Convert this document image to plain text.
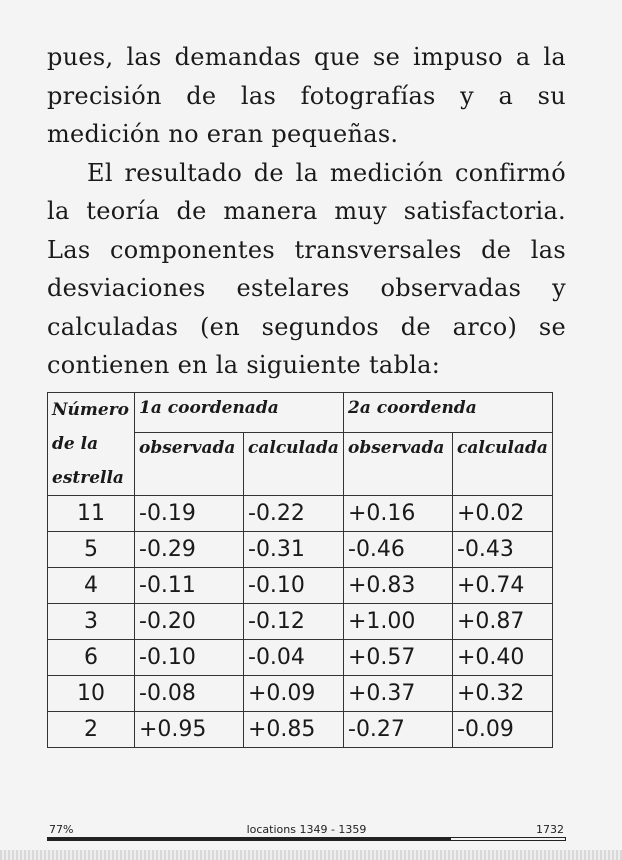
pues, las demandas que se impuso a la
precisión de las fotografías y a su
medición no eran pequeñas.
El resultado de la medición confirmó
la teoría de manera muy satisfactoria.
Las componentes transversales de las
desviaciones estelares observadas y
calculadas (en segundos de arco) se
contienen en la siguiente tabla:
Número de la estrella	1a coordenada		2a coordenda	
	observada	calculada	observada	calculada
11	-0.19	-0.22	+0.16	+0.02
5	-0.29	-0.31	-0.46	-0.43
4	-0.11	-0.10	+0.83	+0.74
3	-0.20	-0.12	+1.00	+0.87
6	-0.10	-0.04	+0.57	+0.40
10	-0.08	+0.09	+0.37	+0.32
2	+0.95	+0.85	-0.27	-0.09
77%	locations 1349 - 1359	1732
